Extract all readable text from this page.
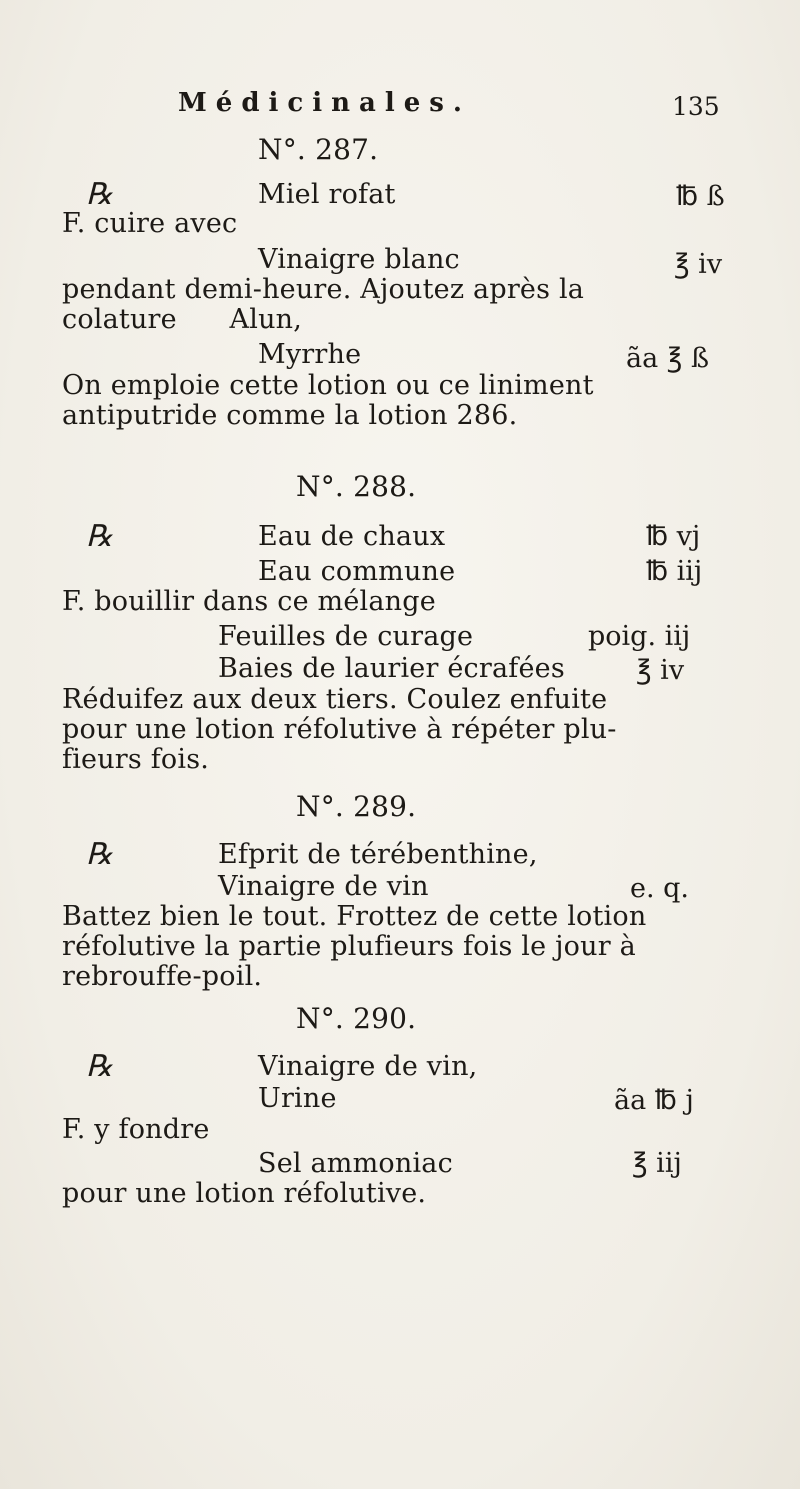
Médicinales.	135
N°. 287.
℞	Miel rofat	℔ ß
F. cuire avec
Vinaigre blanc	℥ iv
pendant demi-heure. Ajoutez après la
colature      Alun,
Myrrhe	ãa ℥ ß
On emploie cette lotion ou ce liniment
antiputride comme la lotion 286.
N°. 288.
℞	Eau de chaux	℔ vj
Eau commune	℔ iij
F. bouillir dans ce mélange
Feuilles de curage	poig. iij
Baies de laurier écrafées	℥ iv
Réduifez aux deux tiers. Coulez enfuite
pour une lotion réfolutive à répéter plu-
fieurs fois.
N°. 289.
℞	Efprit de térébenthine,
Vinaigre de vin	e. q.
Battez bien le tout. Frottez de cette lotion
réfolutive la partie plufieurs fois le jour à
rebrouffe-poil.
N°. 290.
℞	Vinaigre de vin,
Urine	ãa ℔ j
F. y fondre
Sel ammoniac	℥ iij
pour une lotion réfolutive.
